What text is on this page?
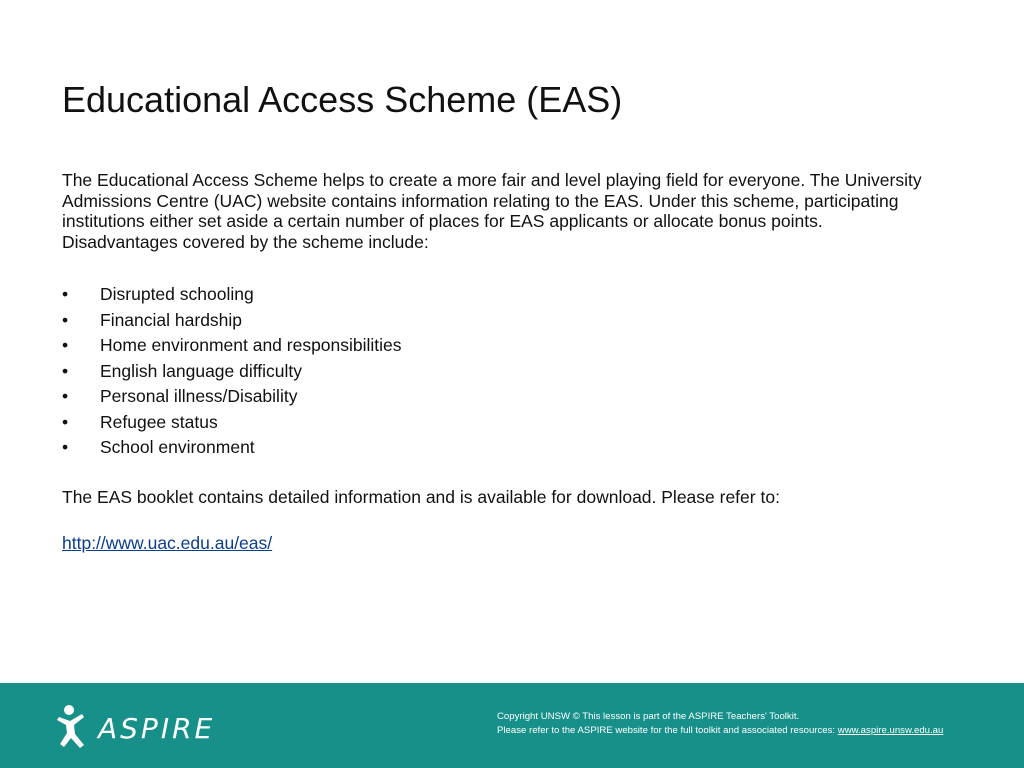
Educational Access Scheme (EAS)

The Educational Access Scheme helps to create a more fair and level playing field for everyone. The University Admissions Centre (UAC) website contains information relating to the EAS. Under this scheme, participating institutions either set aside a certain number of places for EAS applicants or allocate bonus points. Disadvantages covered by the scheme include:

•	Disrupted schooling
•	Financial hardship
•	Home environment and responsibilities
•	English language difficulty
•	Personal illness/Disability
•	Refugee status
•	School environment

The EAS booklet contains detailed information and is available for download. Please refer to:

http://www.uac.edu.au/eas/
ASPIRE	Copyright UNSW © This lesson is part of the ASPIRE Teachers' Toolkit.
Please refer to the ASPIRE website for the full toolkit and associated resources: www.aspire.unsw.edu.au
